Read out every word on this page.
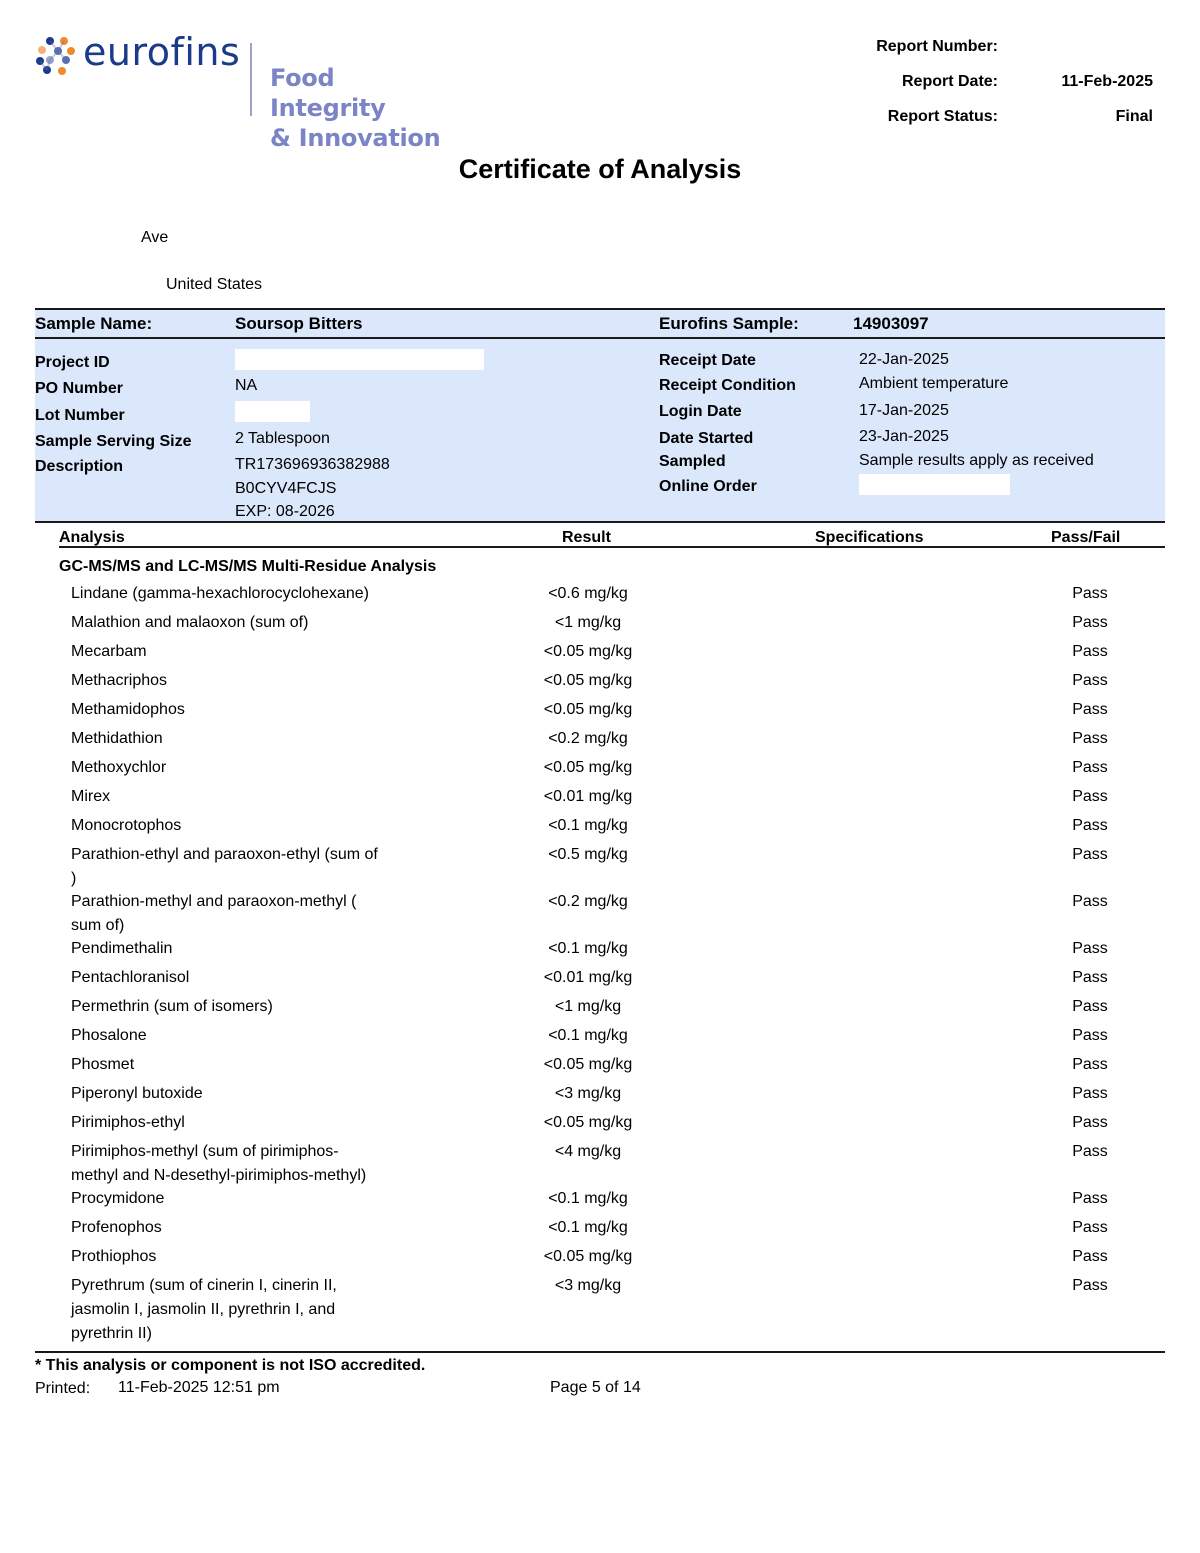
eurofins
Food Integrity
& Innovation
Report Number:
Report Date:	11-Feb-2025
Report Status:	Final
Certificate of Analysis
Ave
United States
Sample Name:	Soursop Bitters	Eurofins Sample:	14903097
Project ID
PO Number	NA
Lot Number
Sample Serving Size	2 Tablespoon
Description	TR173696936382988
B0CYV4FCJS
EXP: 08-2026
Receipt Date	22-Jan-2025
Receipt Condition	Ambient temperature
Login Date	17-Jan-2025
Date Started	23-Jan-2025
Sampled	Sample results apply as received
Online Order
Analysis	Result	Specifications	Pass/Fail
GC-MS/MS and LC-MS/MS Multi-Residue Analysis
Lindane (gamma-hexachlorocyclohexane)	<0.6 mg/kg	Pass
Malathion and malaoxon (sum of)	<1 mg/kg	Pass
Mecarbam	<0.05 mg/kg	Pass
Methacriphos	<0.05 mg/kg	Pass
Methamidophos	<0.05 mg/kg	Pass
Methidathion	<0.2 mg/kg	Pass
Methoxychlor	<0.05 mg/kg	Pass
Mirex	<0.01 mg/kg	Pass
Monocrotophos	<0.1 mg/kg	Pass
Parathion-ethyl and paraoxon-ethyl (sum of
)
<0.5 mg/kg	Pass
Parathion-methyl and paraoxon-methyl (
sum of)
<0.2 mg/kg	Pass
Pendimethalin	<0.1 mg/kg	Pass
Pentachloranisol	<0.01 mg/kg	Pass
Permethrin (sum of isomers)	<1 mg/kg	Pass
Phosalone	<0.1 mg/kg	Pass
Phosmet	<0.05 mg/kg	Pass
Piperonyl butoxide	<3 mg/kg	Pass
Pirimiphos-ethyl	<0.05 mg/kg	Pass
Pirimiphos-methyl (sum of pirimiphos-
methyl and N-desethyl-pirimiphos-methyl)
<4 mg/kg	Pass
Procymidone	<0.1 mg/kg	Pass
Profenophos	<0.1 mg/kg	Pass
Prothiophos	<0.05 mg/kg	Pass
Pyrethrum (sum of cinerin I, cinerin II,
jasmolin I, jasmolin II, pyrethrin I, and
pyrethrin II)
<3 mg/kg	Pass
* This analysis or component is not ISO accredited.
Printed: 11-Feb-2025 12:51 pm	Page 5 of 14
